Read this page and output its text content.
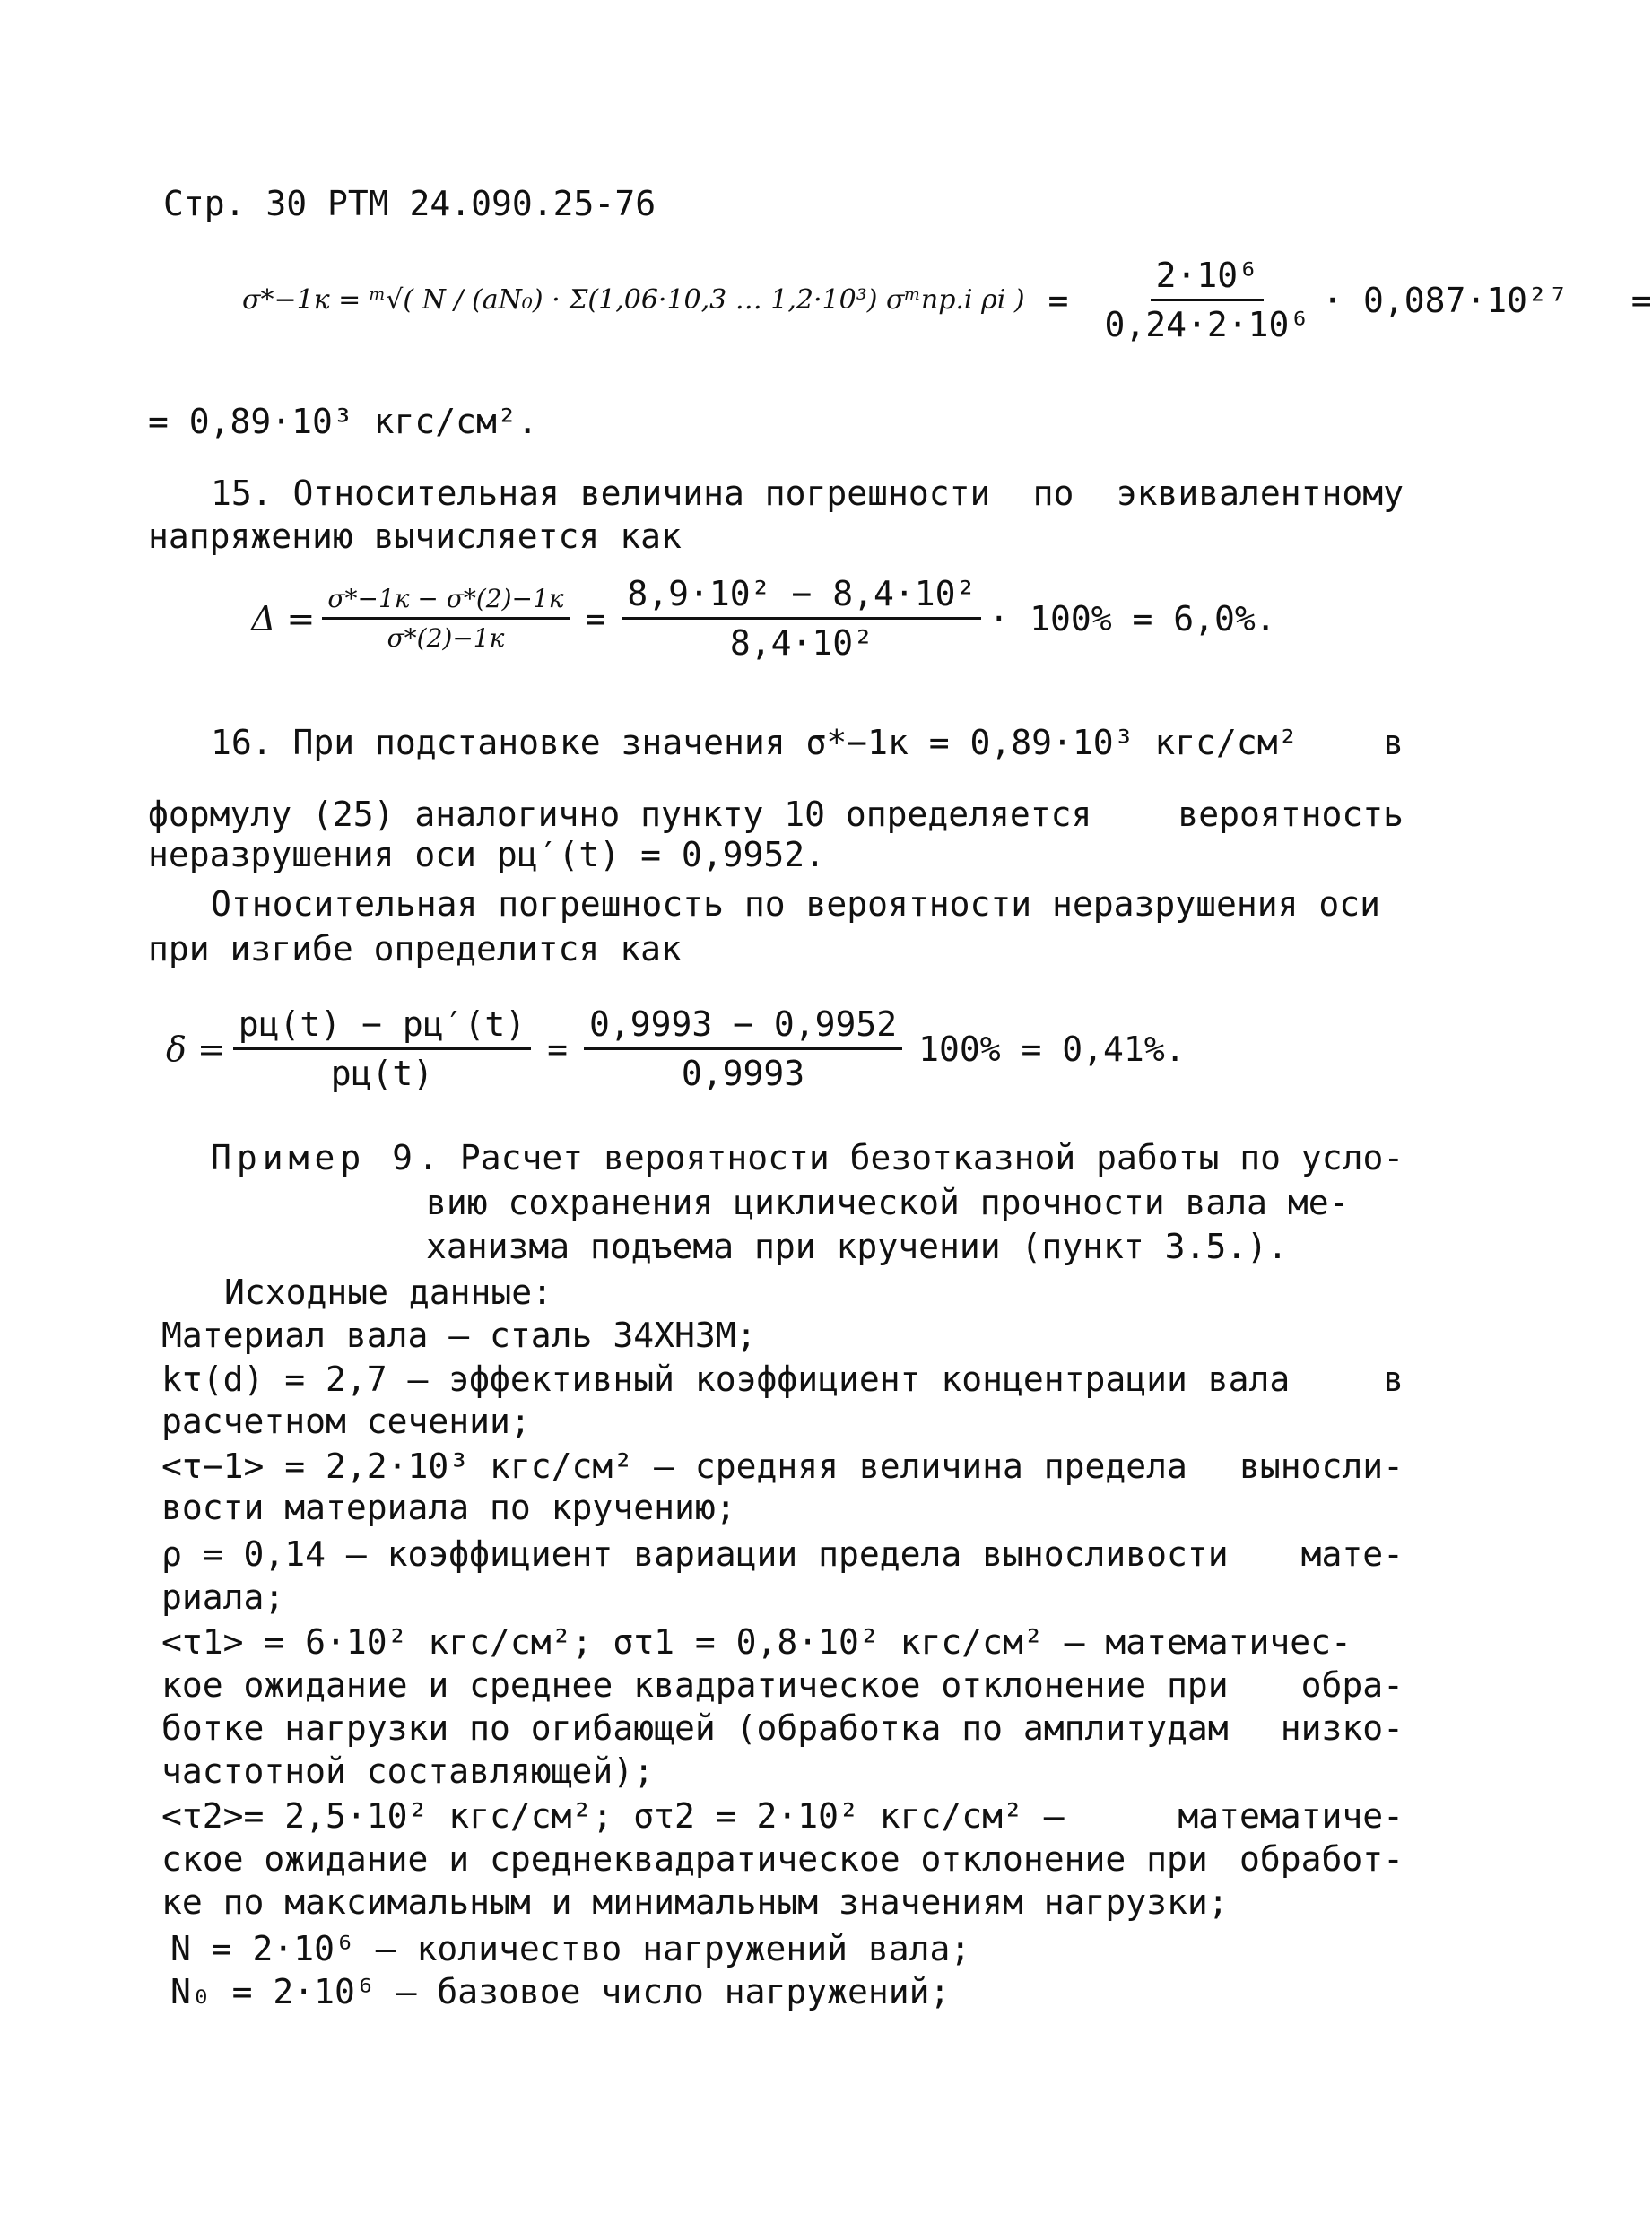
Стр. 30 РТМ 24.090.25-76
σ*−1к = ᵐ√( N / (aN₀) · Σ(1,06·10,3 … 1,2·10³) σᵐпр.i ρi ) = $\frac{\text{2·10⁶}}{\text{0,24·2·10⁶}} \cdot 0,087\cdot 10^{27}$ =
= 0,89·10³ кгс/см².
15. Относительная величина погрешности по эквивалентному
напряжению вычисляется как
$\Delta = \frac{\sigma*-1к - \sigma*(2)-1к}{\sigma*(2)-1к} = \frac{\text{8,9·10² − 8,4·10²}}{\text{8,4·10²}} \cdot 100\% = 6,0\%$.
16. При подстановке значения σ*−1к = 0,89·10³ кгс/см² в
формулу (25) аналогично пункту 10 определяется	вероятность
неразрушения оси pц′(t) = 0,9952.
Относительная погрешность по вероятности неразрушения оси
при изгибе определится как
$\delta = \frac{pц(t) - pц'(t)}{pц(t)} = \frac{0,9993 - 0,9952}{0,9993} 100\% = 0,41\%$.
Пример 9. Расчет вероятности безотказной работы по усло-
вию сохранения циклической прочности вала ме-
ханизма подъема при кручении (пункт 3.5.).
Исходные данные:
Материал вала – сталь 34ХН3М;
kτ(d) = 2,7 – эффективный коэффициент концентрации вала	в
расчетном сечении;
<τ−1> = 2,2·10³ кгс/см² – средняя величина предела выносли-
вости материала по кручению;
ρ = 0,14 – коэффициент вариации предела выносливости мате-
риала;
<τ1> = 6·10² кгс/см²; στ1 = 0,8·10² кгс/см² – математичес-
кое ожидание и среднее квадратическое отклонение при обра-
ботке нагрузки по огибающей (обработка по амплитудам низко-
частотной составляющей);
<τ2>= 2,5·10² кгс/см²; στ2 = 2·10² кгс/см² –	математиче-
ское ожидание и среднеквадратическое отклонение при обработ-
ке по максимальным и минимальным значениям нагрузки;
N = 2·10⁶ – количество нагружений вала;
N₀ = 2·10⁶ – базовое число нагружений;
